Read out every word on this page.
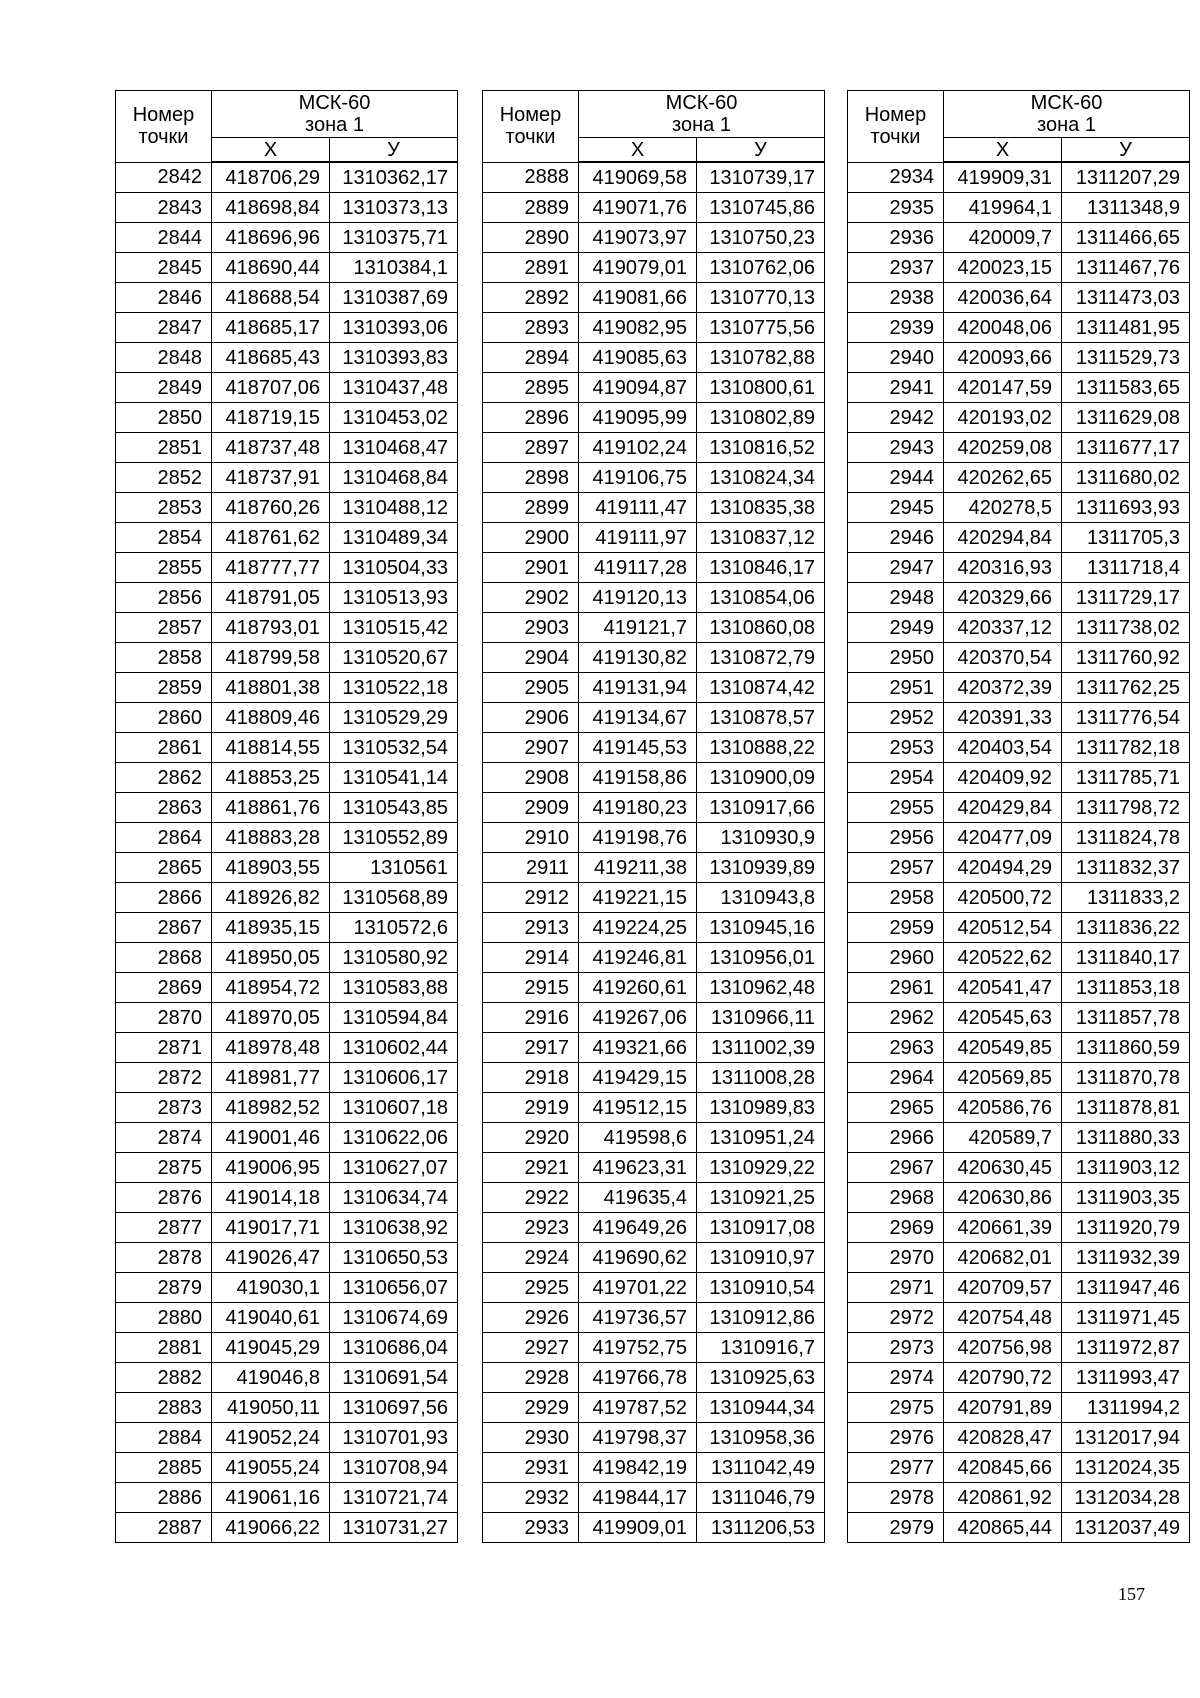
Номер
точки	МСК-60
зона 1	

	Х	У
2842	418706,29	1310362,17
2843	418698,84	1310373,13
2844	418696,96	1310375,71
2845	418690,44	1310384,1
2846	418688,54	1310387,69
2847	418685,17	1310393,06
2848	418685,43	1310393,83
2849	418707,06	1310437,48
2850	418719,15	1310453,02
2851	418737,48	1310468,47
2852	418737,91	1310468,84
2853	418760,26	1310488,12
2854	418761,62	1310489,34
2855	418777,77	1310504,33
2856	418791,05	1310513,93
2857	418793,01	1310515,42
2858	418799,58	1310520,67
2859	418801,38	1310522,18
2860	418809,46	1310529,29
2861	418814,55	1310532,54
2862	418853,25	1310541,14
2863	418861,76	1310543,85
2864	418883,28	1310552,89
2865	418903,55	1310561
2866	418926,82	1310568,89
2867	418935,15	1310572,6
2868	418950,05	1310580,92
2869	418954,72	1310583,88
2870	418970,05	1310594,84
2871	418978,48	1310602,44
2872	418981,77	1310606,17
2873	418982,52	1310607,18
2874	419001,46	1310622,06
2875	419006,95	1310627,07
2876	419014,18	1310634,74
2877	419017,71	1310638,92
2878	419026,47	1310650,53
2879	419030,1	1310656,07
2880	419040,61	1310674,69
2881	419045,29	1310686,04
2882	419046,8	1310691,54
2883	419050,11	1310697,56
2884	419052,24	1310701,93
2885	419055,24	1310708,94
2886	419061,16	1310721,74
2887	419066,22	1310731,27
Номер
точки	МСК-60
зона 1	

	Х	У
2888	419069,58	1310739,17
2889	419071,76	1310745,86
2890	419073,97	1310750,23
2891	419079,01	1310762,06
2892	419081,66	1310770,13
2893	419082,95	1310775,56
2894	419085,63	1310782,88
2895	419094,87	1310800,61
2896	419095,99	1310802,89
2897	419102,24	1310816,52
2898	419106,75	1310824,34
2899	419111,47	1310835,38
2900	419111,97	1310837,12
2901	419117,28	1310846,17
2902	419120,13	1310854,06
2903	419121,7	1310860,08
2904	419130,82	1310872,79
2905	419131,94	1310874,42
2906	419134,67	1310878,57
2907	419145,53	1310888,22
2908	419158,86	1310900,09
2909	419180,23	1310917,66
2910	419198,76	1310930,9
2911	419211,38	1310939,89
2912	419221,15	1310943,8
2913	419224,25	1310945,16
2914	419246,81	1310956,01
2915	419260,61	1310962,48
2916	419267,06	1310966,11
2917	419321,66	1311002,39
2918	419429,15	1311008,28
2919	419512,15	1310989,83
2920	419598,6	1310951,24
2921	419623,31	1310929,22
2922	419635,4	1310921,25
2923	419649,26	1310917,08
2924	419690,62	1310910,97
2925	419701,22	1310910,54
2926	419736,57	1310912,86
2927	419752,75	1310916,7
2928	419766,78	1310925,63
2929	419787,52	1310944,34
2930	419798,37	1310958,36
2931	419842,19	1311042,49
2932	419844,17	1311046,79
2933	419909,01	1311206,53
Номер
точки	МСК-60
зона 1	

	Х	У
2934	419909,31	1311207,29
2935	419964,1	1311348,9
2936	420009,7	1311466,65
2937	420023,15	1311467,76
2938	420036,64	1311473,03
2939	420048,06	1311481,95
2940	420093,66	1311529,73
2941	420147,59	1311583,65
2942	420193,02	1311629,08
2943	420259,08	1311677,17
2944	420262,65	1311680,02
2945	420278,5	1311693,93
2946	420294,84	1311705,3
2947	420316,93	1311718,4
2948	420329,66	1311729,17
2949	420337,12	1311738,02
2950	420370,54	1311760,92
2951	420372,39	1311762,25
2952	420391,33	1311776,54
2953	420403,54	1311782,18
2954	420409,92	1311785,71
2955	420429,84	1311798,72
2956	420477,09	1311824,78
2957	420494,29	1311832,37
2958	420500,72	1311833,2
2959	420512,54	1311836,22
2960	420522,62	1311840,17
2961	420541,47	1311853,18
2962	420545,63	1311857,78
2963	420549,85	1311860,59
2964	420569,85	1311870,78
2965	420586,76	1311878,81
2966	420589,7	1311880,33
2967	420630,45	1311903,12
2968	420630,86	1311903,35
2969	420661,39	1311920,79
2970	420682,01	1311932,39
2971	420709,57	1311947,46
2972	420754,48	1311971,45
2973	420756,98	1311972,87
2974	420790,72	1311993,47
2975	420791,89	1311994,2
2976	420828,47	1312017,94
2977	420845,66	1312024,35
2978	420861,92	1312034,28
2979	420865,44	1312037,49
157
